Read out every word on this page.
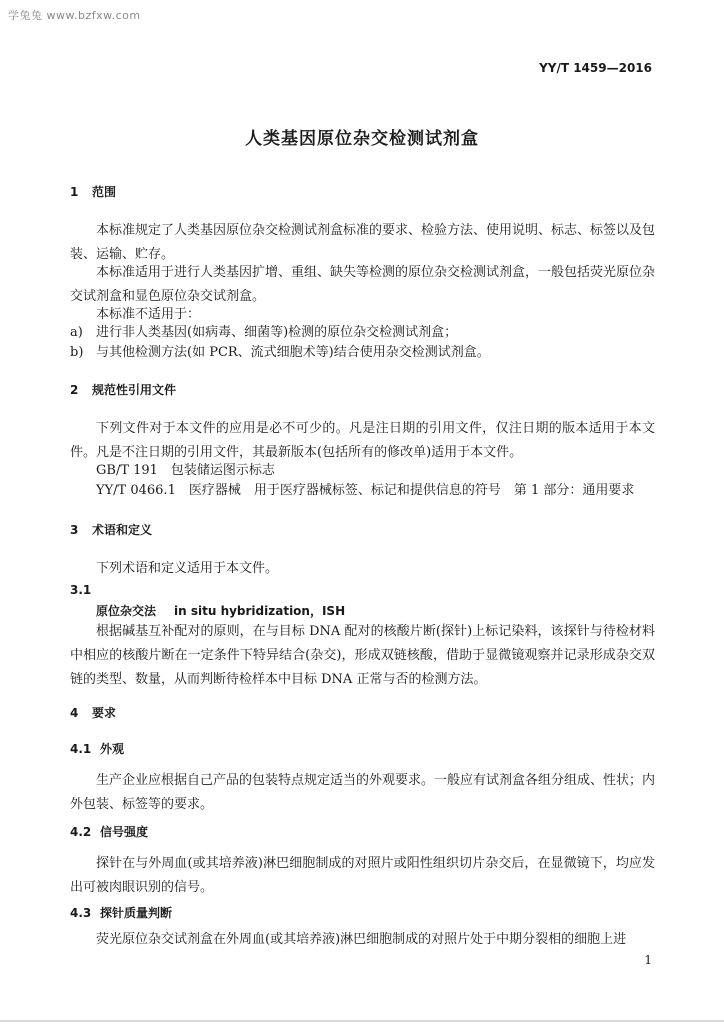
学兔兔 www.bzfxw.com
YY/T 1459—2016
人类基因原位杂交检测试剂盒
1 范围
本标准规定了人类基因原位杂交检测试剂盒标准的要求、检验方法、使用说明、标志、标签以及包装、运输、贮存。
本标准适用于进行人类基因扩增、重组、缺失等检测的原位杂交检测试剂盒，一般包括荧光原位杂交试剂盒和显色原位杂交试剂盒。
本标准不适用于：
a) 进行非人类基因(如病毒、细菌等)检测的原位杂交检测试剂盒；
b) 与其他检测方法(如 PCR、流式细胞术等)结合使用杂交检测试剂盒。
2 规范性引用文件
下列文件对于本文件的应用是必不可少的。凡是注日期的引用文件，仅注日期的版本适用于本文件。凡是不注日期的引用文件，其最新版本(包括所有的修改单)适用于本文件。
GB/T 191　包装储运图示标志
YY/T 0466.1　医疗器械　用于医疗器械标签、标记和提供信息的符号　第 1 部分：通用要求
3 术语和定义
下列术语和定义适用于本文件。
3.1
原位杂交法 in situ hybridization，ISH
根据碱基互补配对的原则，在与目标 DNA 配对的核酸片断(探针)上标记染料，该探针与待检材料中相应的核酸片断在一定条件下特异结合(杂交)，形成双链核酸，借助于显微镜观察并记录形成杂交双链的类型、数量，从而判断待检样本中目标 DNA 正常与否的检测方法。
4 要求
4.1 外观
生产企业应根据自己产品的包装特点规定适当的外观要求。一般应有试剂盒各组分组成、性状；内外包装、标签等的要求。
4.2 信号强度
探针在与外周血(或其培养液)淋巴细胞制成的对照片或阳性组织切片杂交后，在显微镜下，均应发出可被肉眼识别的信号。
4.3 探针质量判断
荧光原位杂交试剂盒在外周血(或其培养液)淋巴细胞制成的对照片处于中期分裂相的细胞上进
1
